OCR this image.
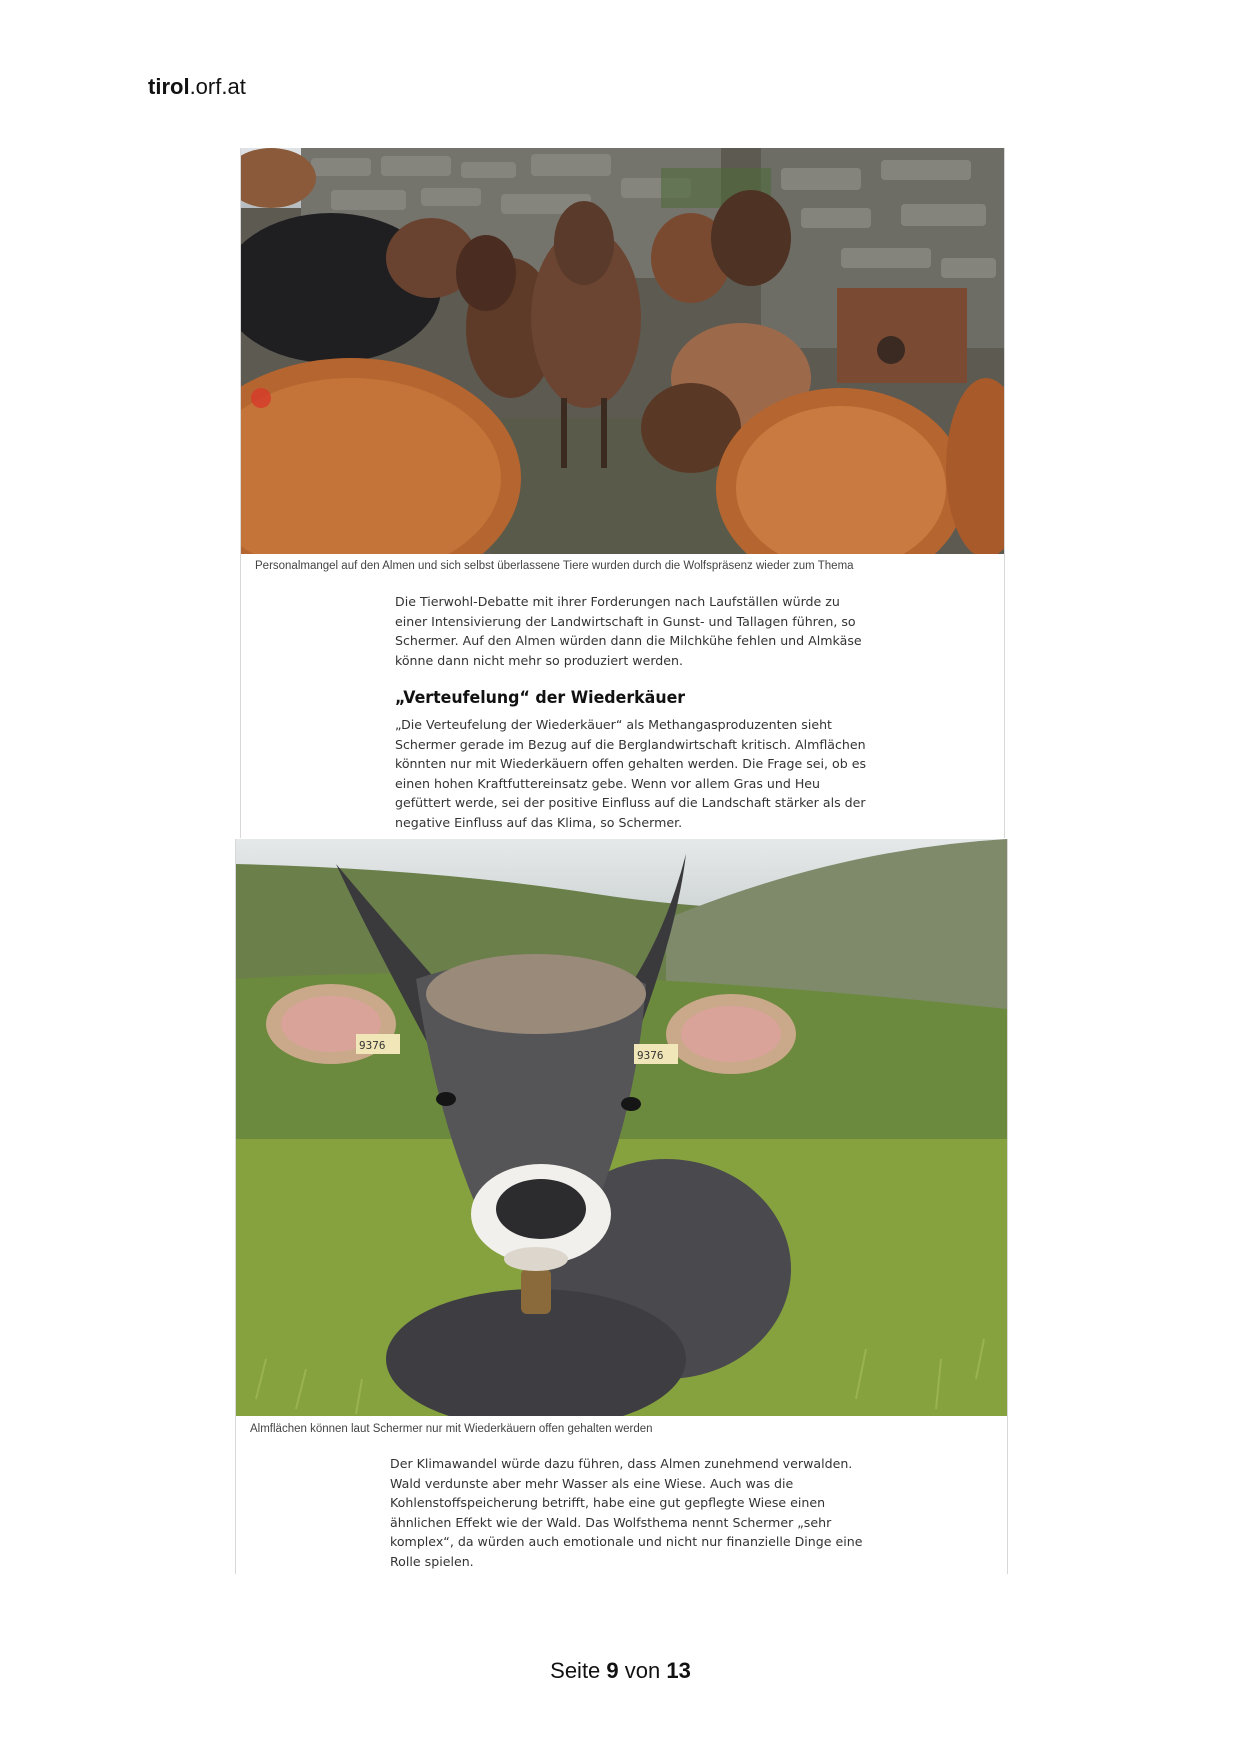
tirol.orf.at
Personalmangel auf den Almen und sich selbst überlassene Tiere wurden durch die Wolfspräsenz wieder zum Thema

Die Tierwohl-Debatte mit ihrer Forderungen nach Laufställen würde zu einer Intensivierung der Landwirtschaft in Gunst- und Tallagen führen, so Schermer. Auf den Almen würden dann die Milchkühe fehlen und Almkäse könne dann nicht mehr so produziert werden.

„Verteufelung“ der Wiederkäuer

„Die Verteufelung der Wiederkäuer“ als Methangasproduzenten sieht Schermer gerade im Bezug auf die Berglandwirtschaft kritisch. Almflächen könnten nur mit Wiederkäuern offen gehalten werden. Die Frage sei, ob es einen hohen Kraftfuttereinsatz gebe. Wenn vor allem Gras und Heu gefüttert werde, sei der positive Einfluss auf die Landschaft stärker als der negative Einfluss auf das Klima, so Schermer.

9376
9376
Almflächen können laut Schermer nur mit Wiederkäuern offen gehalten werden

Der Klimawandel würde dazu führen, dass Almen zunehmend verwalden. Wald verdunste aber mehr Wasser als eine Wiese. Auch was die Kohlenstoffspeicherung betrifft, habe eine gut gepflegte Wiese einen ähnlichen Effekt wie der Wald. Das Wolfsthema nennt Schermer „sehr komplex“, da würden auch emotionale und nicht nur finanzielle Dinge eine Rolle spielen.

Seite 9 von 13
